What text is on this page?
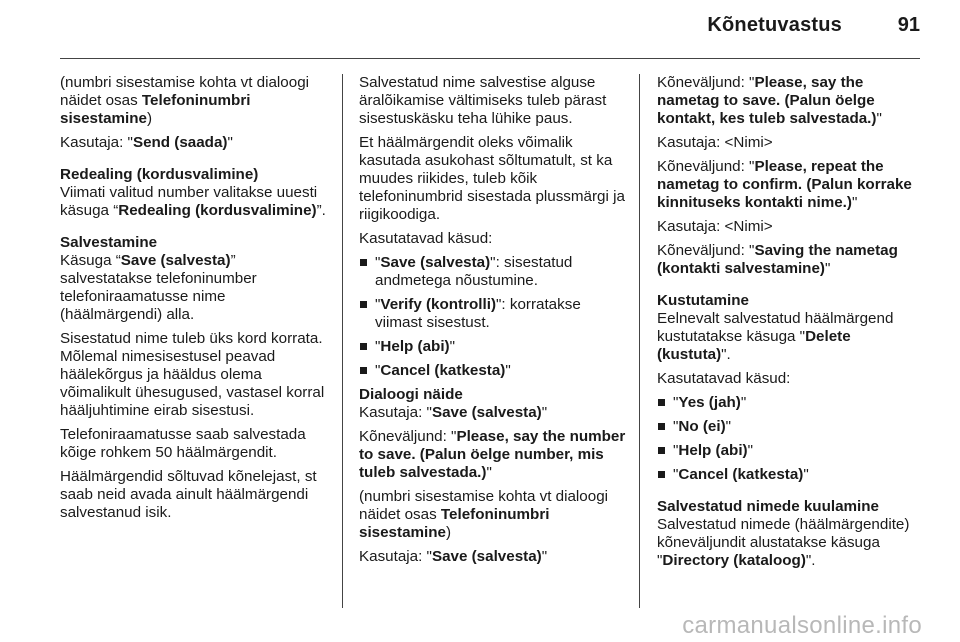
Kõnetuvastus	91

(numbri sisestamise kohta vt dialoogi näidet osas Telefoninumbri sisestamine)

Kasutaja: "Send (saada)"

Redealing (kordusvalimine)
Viimati valitud number valitakse uuesti käsuga “Redealing (kordusvalimine)”.

Salvestamine
Käsuga “Save (salvesta)” salvestatakse telefoninumber telefoniraamatusse nime (häälmärgendi) alla.

Sisestatud nime tuleb üks kord korrata. Mõlemal nimesisestusel peavad häälekõrgus ja hääldus olema võimalikult ühesugused, vastasel korral hääljuhtimine eirab sisestusi.

Telefoniraamatusse saab salvestada kõige rohkem 50 häälmärgendit.

Häälmärgendid sõltuvad kõnelejast, st saab neid avada ainult häälmärgendi salvestanud isik.

Salvestatud nime salvestise alguse äralõikamise vältimiseks tuleb pärast sisestuskäsku teha lühike paus.

Et häälmärgendit oleks võimalik kasutada asukohast sõltumatult, st ka muudes riikides, tuleb kõik telefoninumbrid sisestada plussmärgi ja riigikoodiga.

Kasutatavad käsud:

"Save (salvesta)": sisestatud andmetega nõustumine.
"Verify (kontrolli)": korratakse viimast sisestust.
"Help (abi)"
"Cancel (katkesta)"

Dialoogi näide
Kasutaja: "Save (salvesta)"

Kõneväljund: "Please, say the number to save. (Palun öelge number, mis tuleb salvestada.)"

(numbri sisestamise kohta vt dialoogi näidet osas Telefoninumbri sisestamine)

Kasutaja: "Save (salvesta)"

Kõneväljund: "Please, say the nametag to save. (Palun öelge kontakt, kes tuleb salvestada.)"

Kasutaja: <Nimi>

Kõneväljund: "Please, repeat the nametag to confirm. (Palun korrake kinnituseks kontakti nime.)"

Kasutaja: <Nimi>

Kõneväljund: "Saving the nametag (kontakti salvestamine)"

Kustutamine
Eelnevalt salvestatud häälmärgend kustutatakse käsuga "Delete (kustuta)".

Kasutatavad käsud:

"Yes (jah)"
"No (ei)"
"Help (abi)"
"Cancel (katkesta)"

Salvestatud nimede kuulamine
Salvestatud nimede (häälmärgendite) kõneväljundit alustatakse käsuga "Directory (kataloog)".

carmanualsonline.info
